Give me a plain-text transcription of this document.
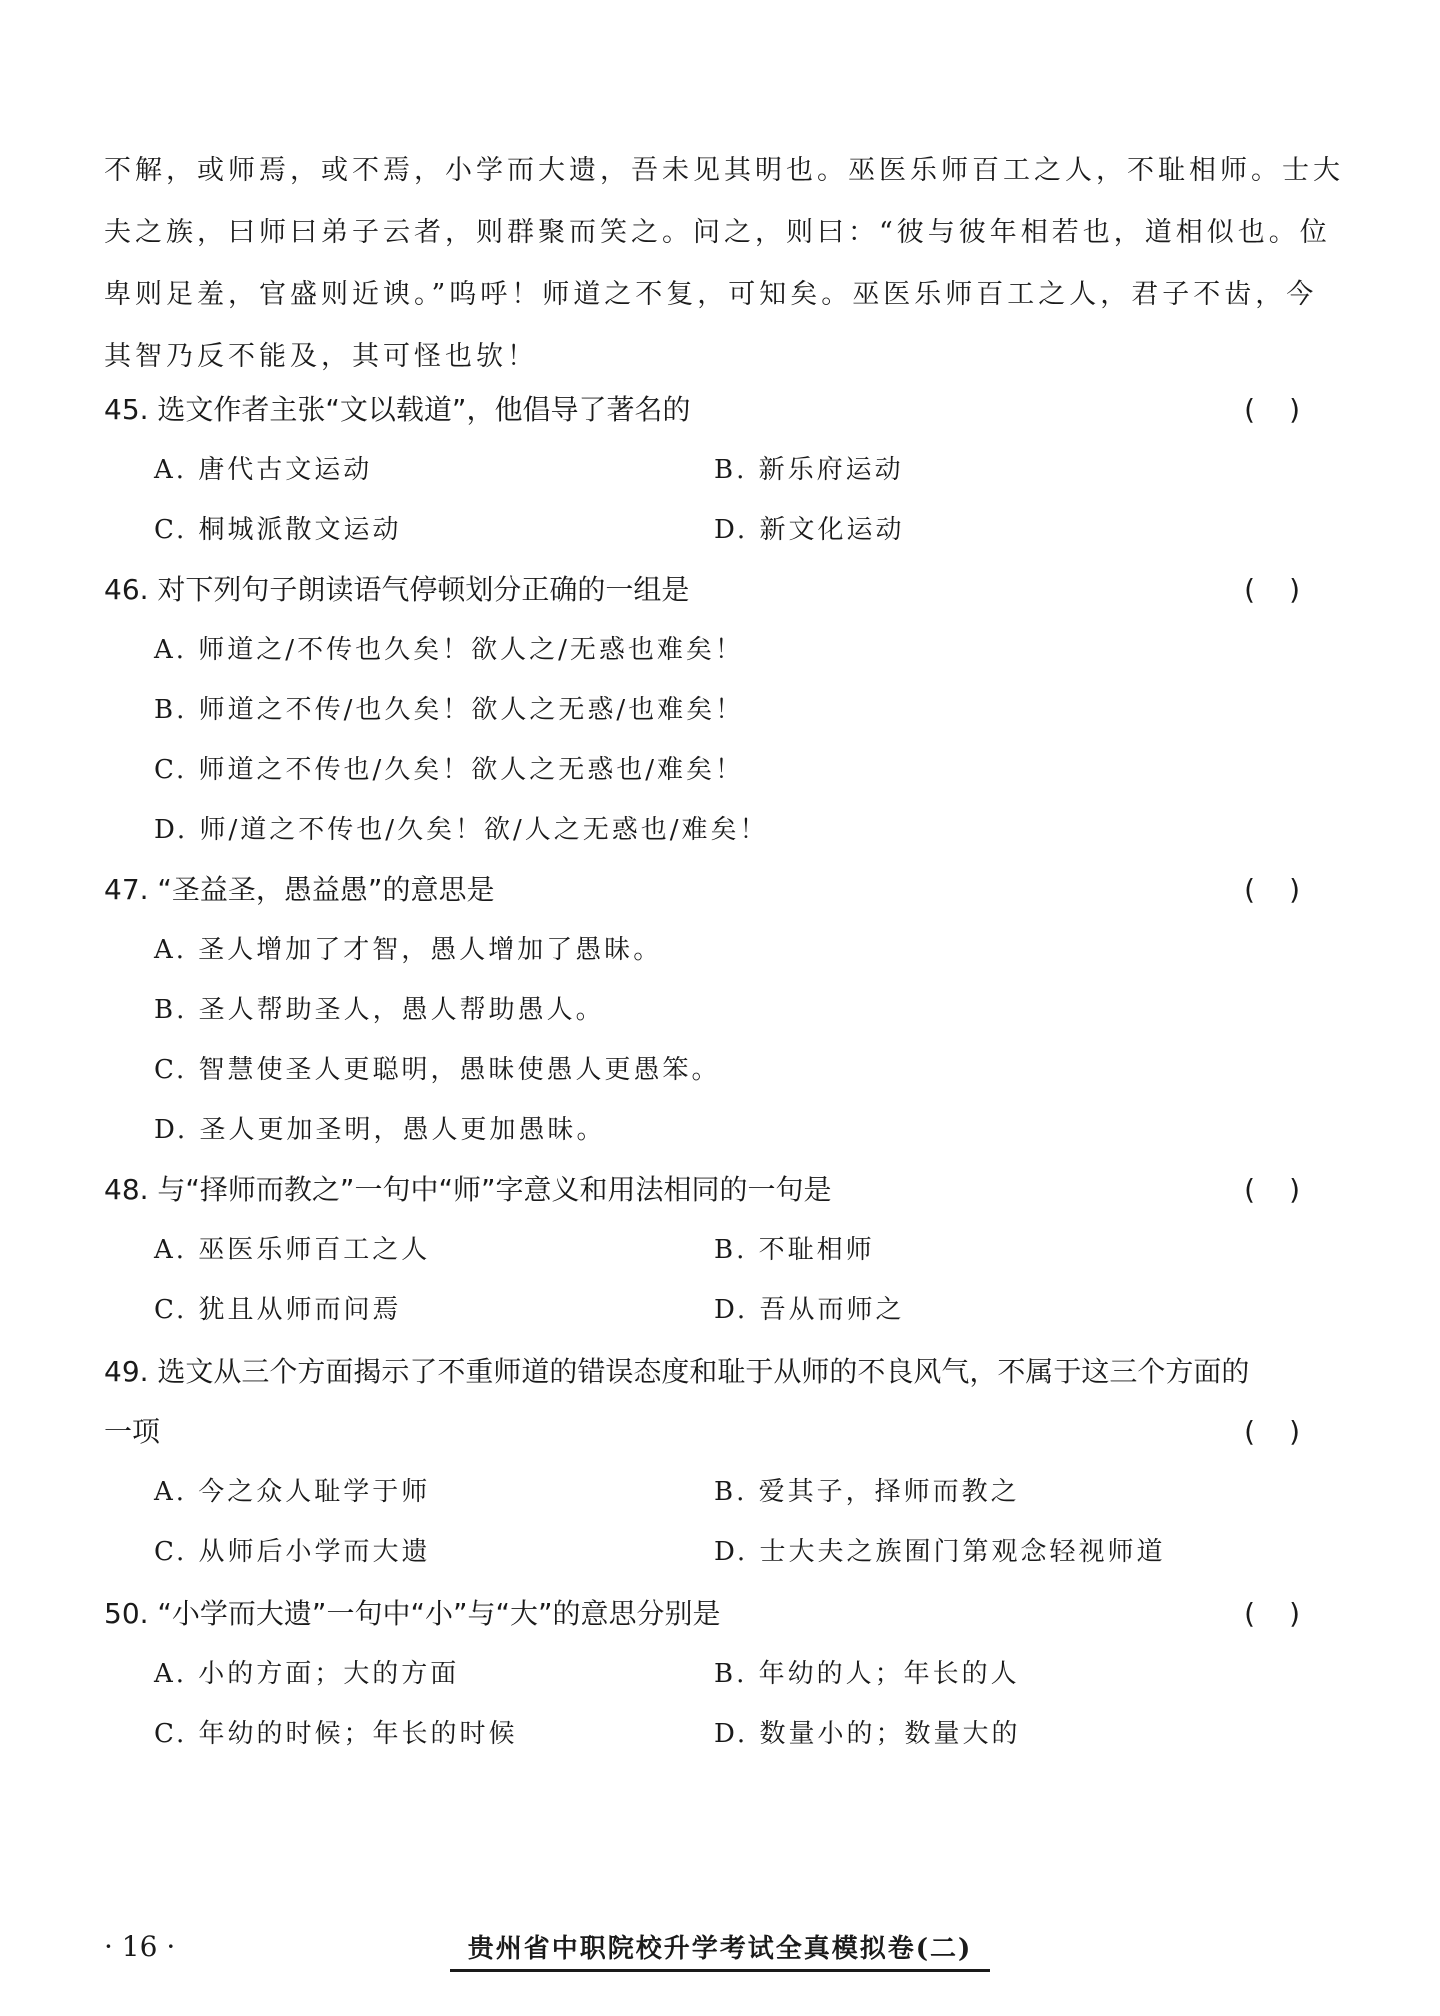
不解，或师焉，或不焉，小学而大遗，吾未见其明也。巫医乐师百工之人，不耻相师。士大

夫之族，曰师曰弟子云者，则群聚而笑之。问之，则曰：“彼与彼年相若也，道相似也。位

卑则足羞，官盛则近谀。”呜呼！师道之不复，可知矣。巫医乐师百工之人，君子不齿，今

其智乃反不能及，其可怪也欤！

45. 选文作者主张“文以载道”，他倡导了著名的	()
A. 唐代古文运动	B. 新乐府运动
C. 桐城派散文运动	D. 新文化运动
46. 对下列句子朗读语气停顿划分正确的一组是	()
A. 师道之/不传也久矣！欲人之/无惑也难矣！
B. 师道之不传/也久矣！欲人之无惑/也难矣！
C. 师道之不传也/久矣！欲人之无惑也/难矣！
D. 师/道之不传也/久矣！欲/人之无惑也/难矣！
47. “圣益圣，愚益愚”的意思是	()
A. 圣人增加了才智，愚人增加了愚昧。
B. 圣人帮助圣人，愚人帮助愚人。
C. 智慧使圣人更聪明，愚昧使愚人更愚笨。
D. 圣人更加圣明，愚人更加愚昧。
48. 与“择师而教之”一句中“师”字意义和用法相同的一句是	()
A. 巫医乐师百工之人	B. 不耻相师
C. 犹且从师而问焉	D. 吾从而师之
49. 选文从三个方面揭示了不重师道的错误态度和耻于从师的不良风气，不属于这三个方面的
一项	()
A. 今之众人耻学于师	B. 爱其子，择师而教之
C. 从师后小学而大遗	D. 士大夫之族囿门第观念轻视师道
50. “小学而大遗”一句中“小”与“大”的意思分别是	()
A. 小的方面；大的方面	B. 年幼的人；年长的人
C. 年幼的时候；年长的时候	D. 数量小的；数量大的
· 16 ·	贵州省中职院校升学考试全真模拟卷(二)
